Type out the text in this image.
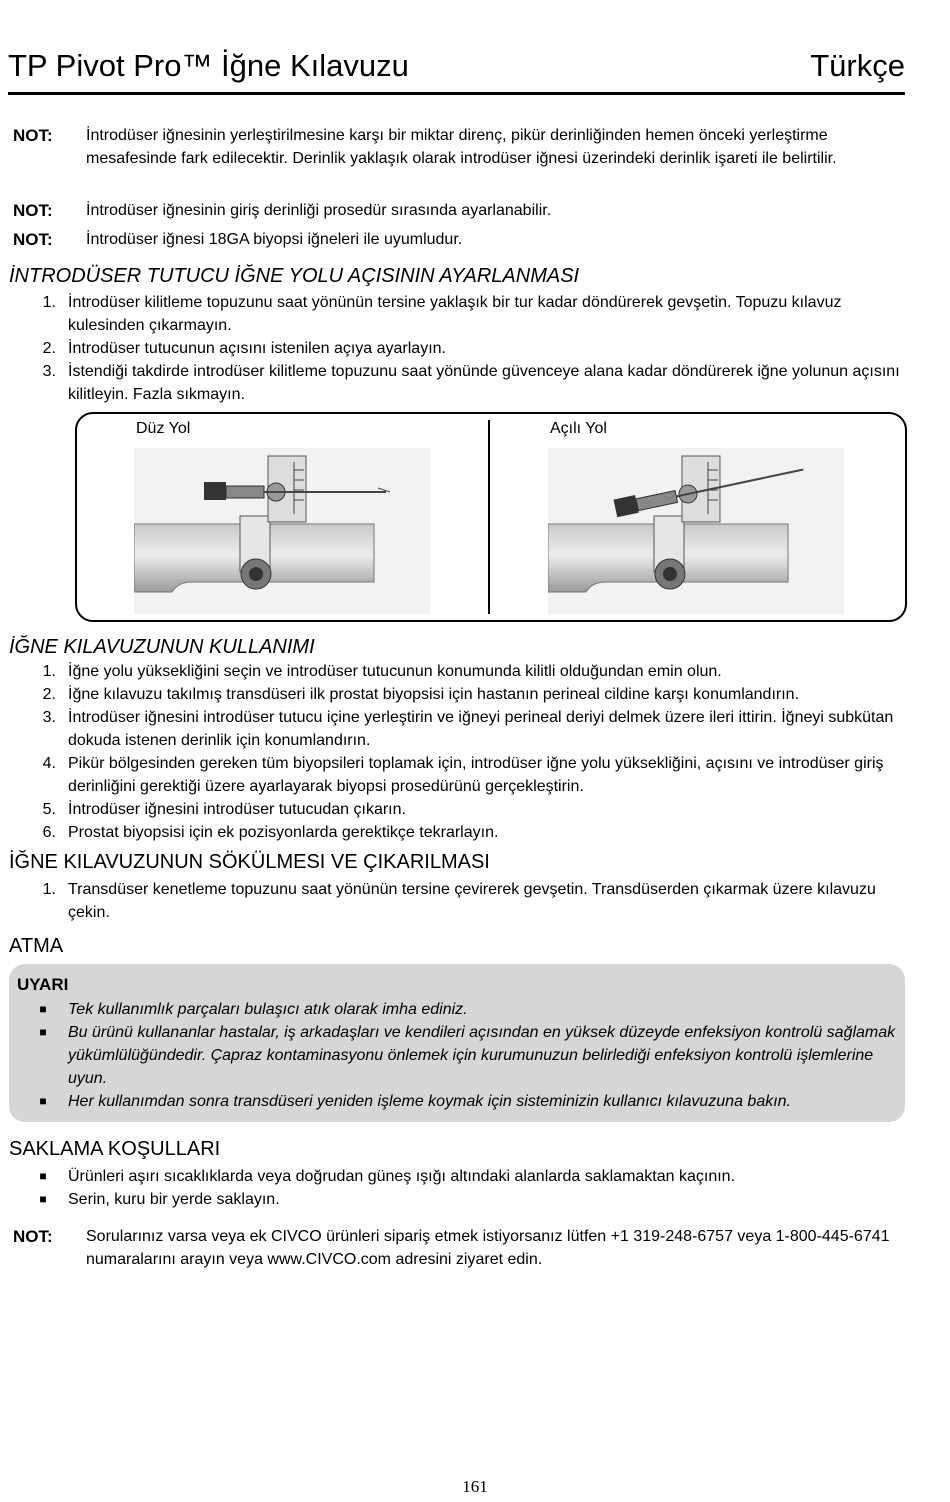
TP Pivot Pro™ İğne Kılavuzu	Türkçe
NOT: İntrodüser iğnesinin yerleştirilmesine karşı bir miktar direnç, pikür derinliğinden hemen önceki yerleştirme mesafesinde fark edilecektir. Derinlik yaklaşık olarak introdüser iğnesi üzerindeki derinlik işareti ile belirtilir.
NOT: İntrodüser iğnesinin giriş derinliği prosedür sırasında ayarlanabilir.
NOT: İntrodüser iğnesi 18GA biyopsi iğneleri ile uyumludur.
İNTRODÜSER TUTUCU İĞNE YOLU AÇISININ AYARLANMASI
1. İntrodüser kilitleme topuzunu saat yönünün tersine yaklaşık bir tur kadar döndürerek gevşetin. Topuzu kılavuz kulesinden çıkarmayın.
2. İntrodüser tutucunun açısını istenilen açıya ayarlayın.
3. İstendiği takdirde introdüser kilitleme topuzunu saat yönünde güvenceye alana kadar döndürerek iğne yolunun açısını kilitleyin. Fazla sıkmayın.
Düz Yol	Açılı Yol
İĞNE KILAVUZUNUN KULLANIMI
1. İğne yolu yüksekliğini seçin ve introdüser tutucunun konumunda kilitli olduğundan emin olun.
2. İğne kılavuzu takılmış transdüseri ilk prostat biyopsisi için hastanın perineal cildine karşı konumlandırın.
3. İntrodüser iğnesini introdüser tutucu içine yerleştirin ve iğneyi perineal deriyi delmek üzere ileri ittirin. İğneyi subkütan dokuda istenen derinlik için konumlandırın.
4. Pikür bölgesinden gereken tüm biyopsileri toplamak için, introdüser iğne yolu yüksekliğini, açısını ve introdüser giriş derinliğini gerektiği üzere ayarlayarak biyopsi prosedürünü gerçekleştirin.
5. İntrodüser iğnesini introdüser tutucudan çıkarın.
6. Prostat biyopsisi için ek pozisyonlarda gerektikçe tekrarlayın.
İĞNE KILAVUZUNUN SÖKÜLMESI VE ÇIKARILMASI
1. Transdüser kenetleme topuzunu saat yönünün tersine çevirerek gevşetin. Transdüserden çıkarmak üzere kılavuzu çekin.
ATMA
UYARI
■ Tek kullanımlık parçaları bulaşıcı atık olarak imha ediniz.
■ Bu ürünü kullananlar hastalar, iş arkadaşları ve kendileri açısından en yüksek düzeyde enfeksiyon kontrolü sağlamak yükümlülüğündedir. Çapraz kontaminasyonu önlemek için kurumunuzun belirlediği enfeksiyon kontrolü işlemlerine uyun.
■ Her kullanımdan sonra transdüseri yeniden işleme koymak için sisteminizin kullanıcı kılavuzuna bakın.
SAKLAMA KOŞULLARI
■ Ürünleri aşırı sıcaklıklarda veya doğrudan güneş ışığı altındaki alanlarda saklamaktan kaçının.
■ Serin, kuru bir yerde saklayın.
NOT: Sorularınız varsa veya ek CIVCO ürünleri sipariş etmek istiyorsanız lütfen +1 319-248-6757 veya 1-800-445-6741 numaralarını arayın veya www.CIVCO.com adresini ziyaret edin.
161
